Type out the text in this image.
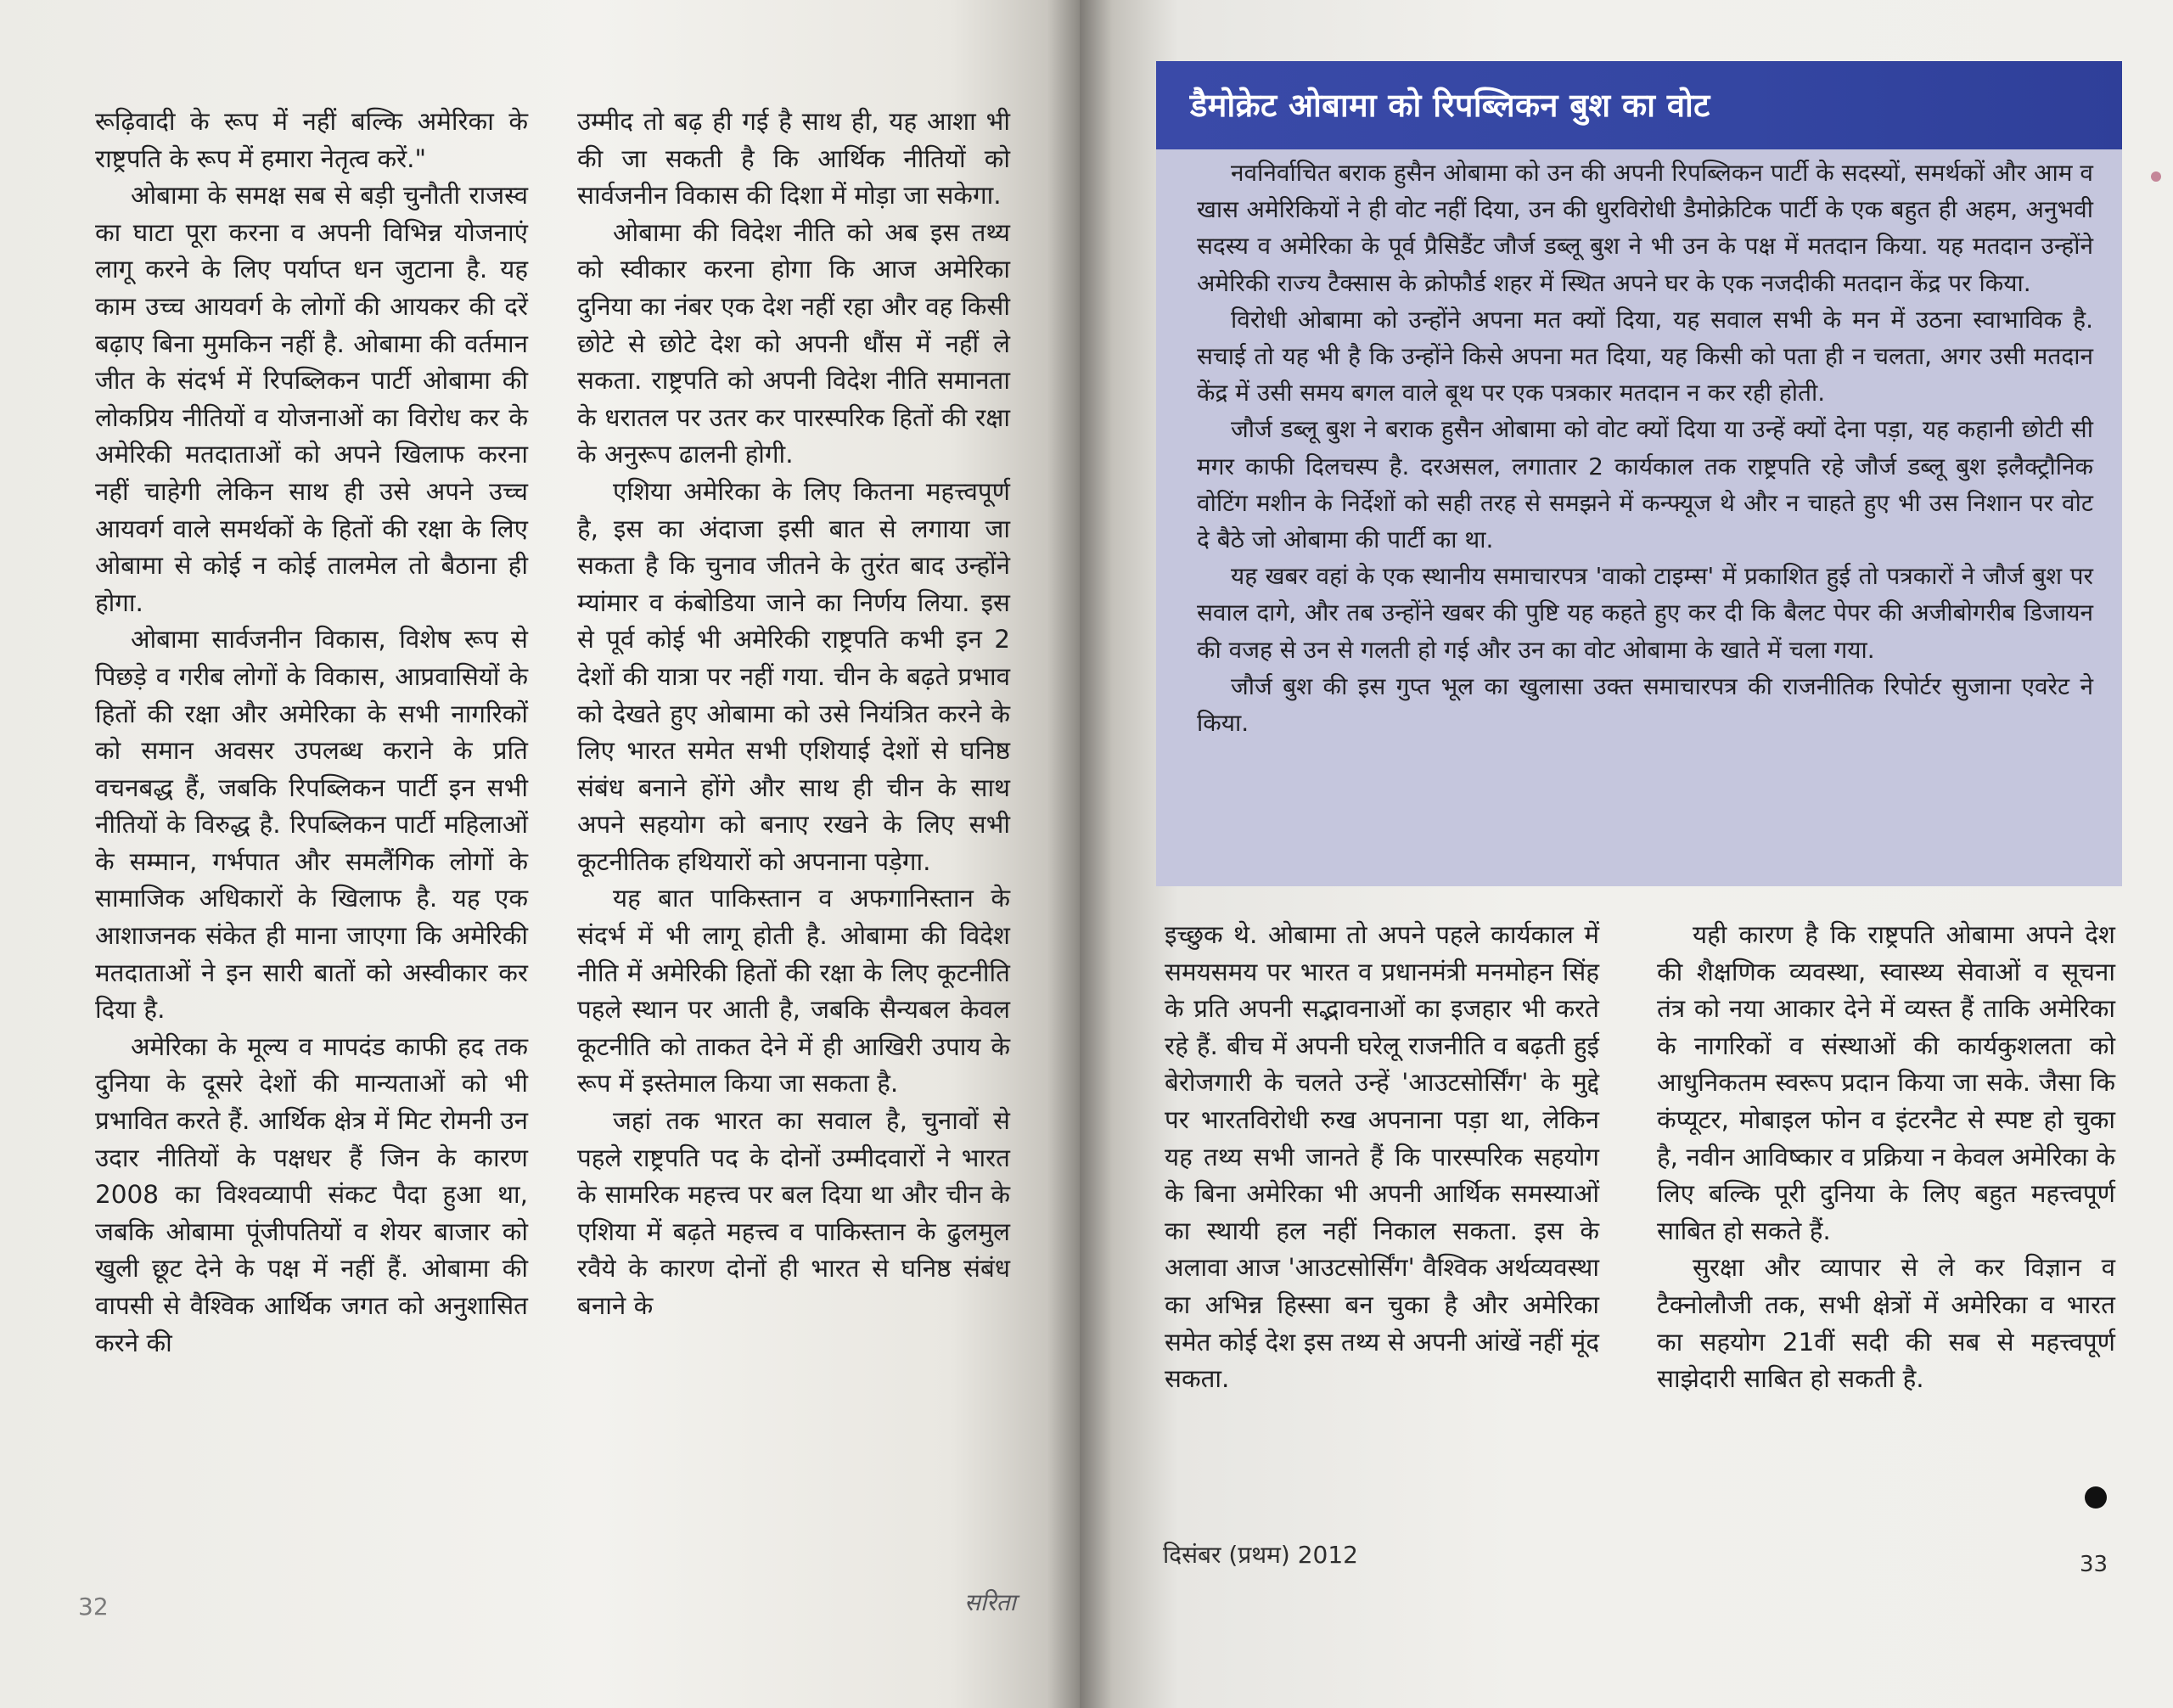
रूढ़िवादी के रूप में नहीं बल्कि अमेरिका के राष्ट्रपति के रूप में हमारा नेतृत्व करें."

ओबामा के समक्ष सब से बड़ी चुनौती राजस्व का घाटा पूरा करना व अपनी विभिन्न योजनाएं लागू करने के लिए पर्याप्त धन जुटाना है. यह काम उच्च आयवर्ग के लोगों की आयकर की दरें बढ़ाए बिना मुमकिन नहीं है. ओबामा की वर्तमान जीत के संदर्भ में रिपब्लिकन पार्टी ओबामा की लोकप्रिय नीतियों व योजनाओं का विरोध कर के अमेरिकी मतदाताओं को अपने खिलाफ करना नहीं चाहेगी लेकिन साथ ही उसे अपने उच्च आयवर्ग वाले समर्थकों के हितों की रक्षा के लिए ओबामा से कोई न कोई तालमेल तो बैठाना ही होगा.

ओबामा सार्वजनीन विकास, विशेष रूप से पिछड़े व गरीब लोगों के विकास, आप्रवासियों के हितों की रक्षा और अमेरिका के सभी नागरिकों को समान अवसर उपलब्ध कराने के प्रति वचनबद्ध हैं, जबकि रिपब्लिकन पार्टी इन सभी नीतियों के विरुद्ध है. रिपब्लिकन पार्टी महिलाओं के सम्मान, गर्भपात और समलैंगिक लोगों के सामाजिक अधिकारों के खिलाफ है. यह एक आशाजनक संकेत ही माना जाएगा कि अमेरिकी मतदाताओं ने इन सारी बातों को अस्वीकार कर दिया है.

अमेरिका के मूल्य व मापदंड काफी हद तक दुनिया के दूसरे देशों की मान्यताओं को भी प्रभावित करते हैं. आर्थिक क्षेत्र में मिट रोमनी उन उदार नीतियों के पक्षधर हैं जिन के कारण 2008 का विश्वव्यापी संकट पैदा हुआ था, जबकि ओबामा पूंजीपतियों व शेयर बाजार को खुली छूट देने के पक्ष में नहीं हैं. ओबामा की वापसी से वैश्विक आर्थिक जगत को अनुशासित करने की

उम्मीद तो बढ़ ही गई है साथ ही, यह आशा भी की जा सकती है कि आर्थिक नीतियों को सार्वजनीन विकास की दिशा में मोड़ा जा सकेगा.

ओबामा की विदेश नीति को अब इस तथ्य को स्वीकार करना होगा कि आज अमेरिका दुनिया का नंबर एक देश नहीं रहा और वह किसी छोटे से छोटे देश को अपनी धौंस में नहीं ले सकता. राष्ट्रपति को अपनी विदेश नीति समानता के धरातल पर उतर कर पारस्परिक हितों की रक्षा के अनुरूप ढालनी होगी.

एशिया अमेरिका के लिए कितना महत्त्वपूर्ण है, इस का अंदाजा इसी बात से लगाया जा सकता है कि चुनाव जीतने के तुरंत बाद उन्होंने म्यांमार व कंबोडिया जाने का निर्णय लिया. इस से पूर्व कोई भी अमेरिकी राष्ट्रपति कभी इन 2 देशों की यात्रा पर नहीं गया. चीन के बढ़ते प्रभाव को देखते हुए ओबामा को उसे नियंत्रित करने के लिए भारत समेत सभी एशियाई देशों से घनिष्ठ संबंध बनाने होंगे और साथ ही चीन के साथ अपने सहयोग को बनाए रखने के लिए सभी कूटनीतिक हथियारों को अपनाना पड़ेगा.

यह बात पाकिस्तान व अफगानिस्तान के संदर्भ में भी लागू होती है. ओबामा की विदेश नीति में अमेरिकी हितों की रक्षा के लिए कूटनीति पहले स्थान पर आती है, जबकि सैन्यबल केवल कूटनीति को ताकत देने में ही आखिरी उपाय के रूप में इस्तेमाल किया जा सकता है.

जहां तक भारत का सवाल है, चुनावों से पहले राष्ट्रपति पद के दोनों उम्मीदवारों ने भारत के सामरिक महत्त्व पर बल दिया था और चीन के एशिया में बढ़ते महत्त्व व पाकिस्तान के ढुलमुल रवैये के कारण दोनों ही भारत से घनिष्ठ संबंध बनाने के

32	सरिता
डैमोक्रेट ओबामा को रिपब्लिकन बुश का वोट

नवनिर्वाचित बराक हुसैन ओबामा को उन की अपनी रिपब्लिकन पार्टी के सदस्यों, समर्थकों और आम व खास अमेरिकियों ने ही वोट नहीं दिया, उन की धुरविरोधी डैमोक्रेटिक पार्टी के एक बहुत ही अहम, अनुभवी सदस्य व अमेरिका के पूर्व प्रैसिडैंट जौर्ज डब्लू बुश ने भी उन के पक्ष में मतदान किया. यह मतदान उन्होंने अमेरिकी राज्य टैक्सास के क्रोफौर्ड शहर में स्थित अपने घर के एक नजदीकी मतदान केंद्र पर किया.

विरोधी ओबामा को उन्होंने अपना मत क्यों दिया, यह सवाल सभी के मन में उठना स्वाभाविक है. सचाई तो यह भी है कि उन्होंने किसे अपना मत दिया, यह किसी को पता ही न चलता, अगर उसी मतदान केंद्र में उसी समय बगल वाले बूथ पर एक पत्रकार मतदान न कर रही होती.

जौर्ज डब्लू बुश ने बराक हुसैन ओबामा को वोट क्यों दिया या उन्हें क्यों देना पड़ा, यह कहानी छोटी सी मगर काफी दिलचस्प है. दरअसल, लगातार 2 कार्यकाल तक राष्ट्रपति रहे जौर्ज डब्लू बुश इलैक्ट्रौनिक वोटिंग मशीन के निर्देशों को सही तरह से समझने में कन्फ्यूज थे और न चाहते हुए भी उस निशान पर वोट दे बैठे जो ओबामा की पार्टी का था.

यह खबर वहां के एक स्थानीय समाचारपत्र 'वाको टाइम्स' में प्रकाशित हुई तो पत्रकारों ने जौर्ज बुश पर सवाल दागे, और तब उन्होंने खबर की पुष्टि यह कहते हुए कर दी कि बैलट पेपर की अजीबोगरीब डिजायन की वजह से उन से गलती हो गई और उन का वोट ओबामा के खाते में चला गया.

जौर्ज बुश की इस गुप्त भूल का खुलासा उक्त समाचारपत्र की राजनीतिक रिपोर्टर सुजाना एवरेट ने किया.

इच्छुक थे. ओबामा तो अपने पहले कार्यकाल में समयसमय पर भारत व प्रधानमंत्री मनमोहन सिंह के प्रति अपनी सद्भावनाओं का इजहार भी करते रहे हैं. बीच में अपनी घरेलू राजनीति व बढ़ती हुई बेरोजगारी के चलते उन्हें 'आउटसोर्सिंग' के मुद्दे पर भारतविरोधी रुख अपनाना पड़ा था, लेकिन यह तथ्य सभी जानते हैं कि पारस्परिक सहयोग के बिना अमेरिका भी अपनी आर्थिक समस्याओं का स्थायी हल नहीं निकाल सकता. इस के अलावा आज 'आउटसोर्सिंग' वैश्विक अर्थव्यवस्था का अभिन्न हिस्सा बन चुका है और अमेरिका समेत कोई देश इस तथ्य से अपनी आंखें नहीं मूंद सकता.

यही कारण है कि राष्ट्रपति ओबामा अपने देश की शैक्षणिक व्यवस्था, स्वास्थ्य सेवाओं व सूचना तंत्र को नया आकार देने में व्यस्त हैं ताकि अमेरिका के नागरिकों व संस्थाओं की कार्यकुशलता को आधुनिकतम स्वरूप प्रदान किया जा सके. जैसा कि कंप्यूटर, मोबाइल फोन व इंटरनैट से स्पष्ट हो चुका है, नवीन आविष्कार व प्रक्रिया न केवल अमेरिका के लिए बल्कि पूरी दुनिया के लिए बहुत महत्त्वपूर्ण साबित हो सकते हैं.

सुरक्षा और व्यापार से ले कर विज्ञान व टैक्नोलौजी तक, सभी क्षेत्रों में अमेरिका व भारत का सहयोग 21वीं सदी की सब से महत्त्वपूर्ण साझेदारी साबित हो सकती है.

दिसंबर (प्रथम) 2012	33
